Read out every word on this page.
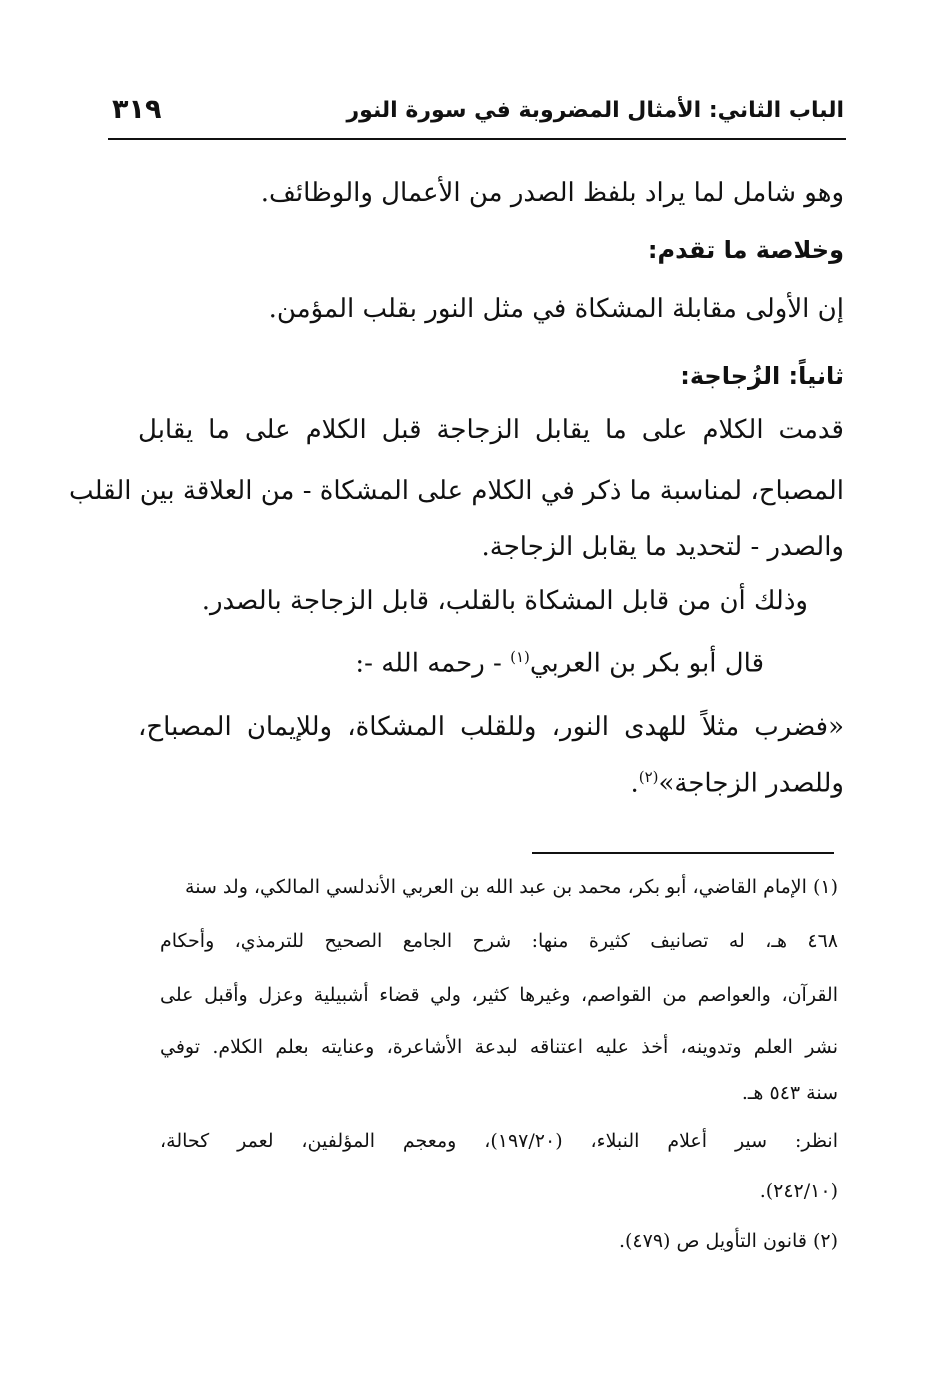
الباب الثاني: الأمثال المضروبة في سورة النور
٣١٩
وهو شامل لما يراد بلفظ الصدر من الأعمال والوظائف.
وخلاصة ما تقدم:
إن الأولى مقابلة المشكاة في مثل النور بقلب المؤمن.
ثانياً: الزُجاجة:
قدمت الكلام على ما يقابل الزجاجة قبل الكلام على ما يقابل
المصباح، لمناسبة ما ذكر في الكلام على المشكاة - من العلاقة بين القلب
والصدر - لتحديد ما يقابل الزجاجة.
وذلك أن من قابل المشكاة بالقلب، قابل الزجاجة بالصدر.
قال أبو بكر بن العربي$^{(١)}$ - رحمه الله -:
«فضرب مثلاً للهدى النور، وللقلب المشكاة، وللإيمان المصباح،
وللصدر الزجاجة»$^{(٢)}$.
(١) الإمام القاضي، أبو بكر، محمد بن عبد الله بن العربي الأندلسي المالكي، ولد سنة
٤٦٨ هـ، له تصانيف كثيرة منها: شرح الجامع الصحيح للترمذي، وأحكام
القرآن، والعواصم من القواصم، وغيرها كثير، ولي قضاء أشبيلية وعزل وأقبل على
نشر العلم وتدوينه، أخذ عليه اعتناقه لبدعة الأشاعرة، وعنايته بعلم الكلام. توفي
سنة ٥٤٣ هـ.
انظر: سير أعلام النبلاء، (١٩٧/٢٠)، ومعجم المؤلفين، لعمر كحالة،
(٢٤٢/١٠).
(٢) قانون التأويل ص (٤٧٩).
